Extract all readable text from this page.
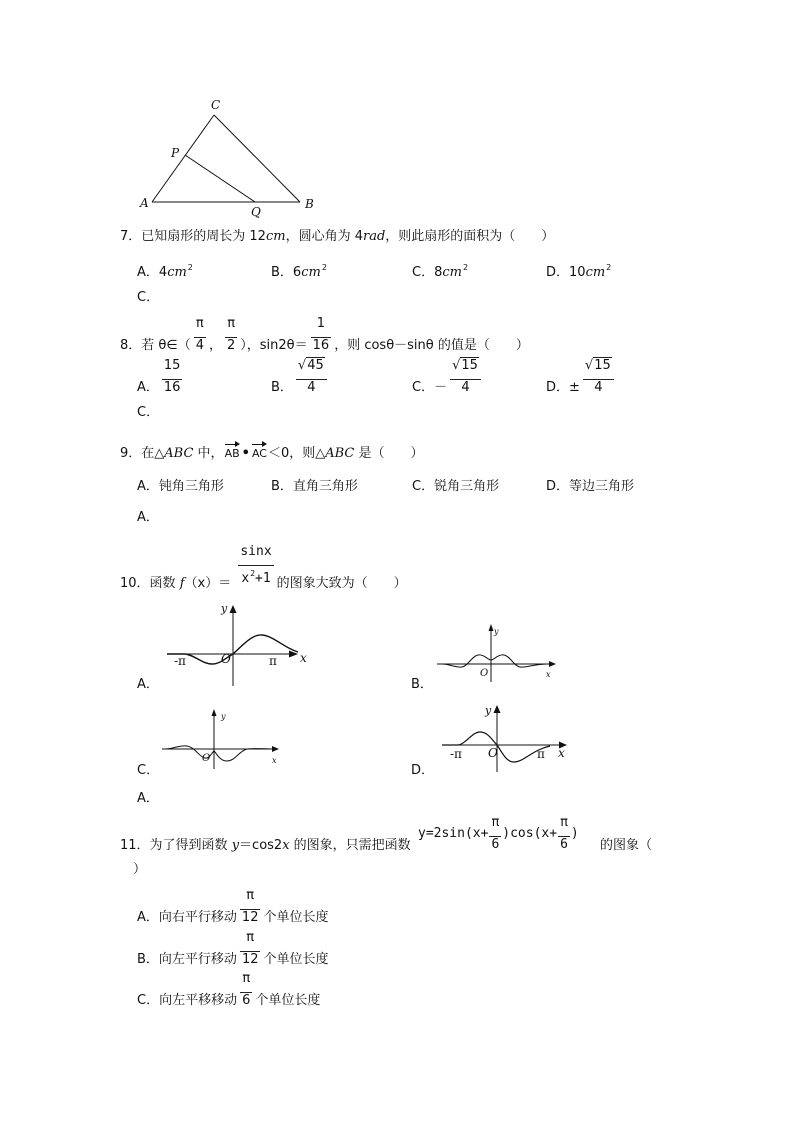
C
P
A
Q
B
7．已知扇形的周长为 12cm，圆心角为 4rad，则此扇形的面积为（　　）
A．$4cm^2$	B．$6cm^2$	C．$8cm^2$	D．$10cm^2$
C．
8．若 θ∈（ $\frac{\pi}{4}$ ， $\frac{\pi}{2}$ ），$\sin 2\theta= \frac{1}{16}$ ，则 cosθ－sinθ 的值是（　　）
A． $\frac{15}{16}$	B． $\frac{√45}{4}$	C．－ $\frac{√15}{4}$	D．± $\frac{√15}{4}$
C．
9．在△ABC 中，AB • AC＜0，则△ABC 是（　　）
A．钝角三角形	B．直角三角形	C．锐角三角形	D．等边三角形
A．
10．函数 $f(x)= \frac{\sin x}{x^2+1}$ 的图象大致为（　　）
y
-π	O	π x
A．
y
O	x
B．
y
O	x
C．
y
-π O	π x
D．
A．
11．为了得到函数 y＝cos2x 的图象，只需把函数
$y=2\sin(x+ \frac{\pi}{6} )\cos(x+ \frac{\pi}{6}$ )
的图象（
）
A．向右平行移动 $\frac{\pi}{12}$ 个单位长度
B．向左平行移动 $\frac{\pi}{12}$ 个单位长度
C．向左平移移动 $\frac{\pi}{6}$ 个单位长度
